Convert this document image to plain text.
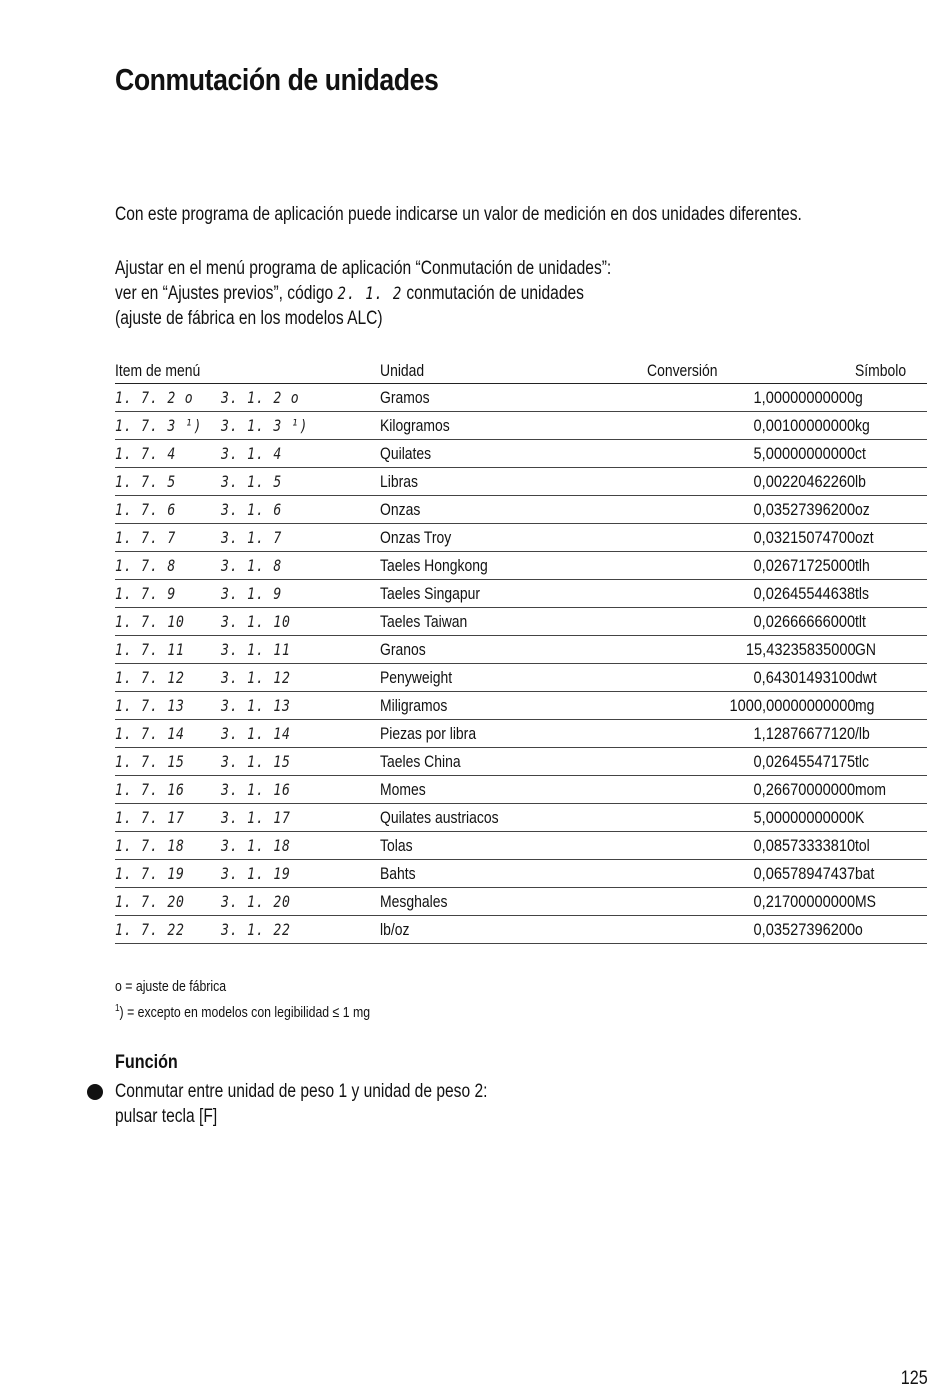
Conmutación de unidades
Con este programa de aplicación puede indicarse un valor de medición en dos unidades diferentes.
Ajustar en el menú programa de aplicación “Conmutación de unidades”:
ver en “Ajustes previos”, código 2. 1. 2 conmutación de unidades
(ajuste de fábrica en los modelos ALC)
Item de menú		Unidad	Conversión	Símbolo
1. 7. 2 o	3. 1. 2 o	Gramos	1,00000000000	g
1. 7. 3 ¹)	3. 1. 3 ¹)	Kilogramos	0,00100000000	kg
1. 7. 4	3. 1. 4	Quilates	5,00000000000	ct
1. 7. 5	3. 1. 5	Libras	0,00220462260	lb
1. 7. 6	3. 1. 6	Onzas	0,03527396200	oz
1. 7. 7	3. 1. 7	Onzas Troy	0,03215074700	ozt
1. 7. 8	3. 1. 8	Taeles Hongkong	0,02671725000	tlh
1. 7. 9	3. 1. 9	Taeles Singapur	0,02645544638	tls
1. 7. 10	3. 1. 10	Taeles Taiwan	0,02666666000	tlt
1. 7. 11	3. 1. 11	Granos	15,43235835000	GN
1. 7. 12	3. 1. 12	Penyweight	0,64301493100	dwt
1. 7. 13	3. 1. 13	Miligramos	1000,00000000000	mg
1. 7. 14	3. 1. 14	Piezas por libra	1,12876677120	/lb
1. 7. 15	3. 1. 15	Taeles China	0,02645547175	tlc
1. 7. 16	3. 1. 16	Momes	0,26670000000	mom
1. 7. 17	3. 1. 17	Quilates austriacos	5,00000000000	K
1. 7. 18	3. 1. 18	Tolas	0,08573333810	tol
1. 7. 19	3. 1. 19	Bahts	0,06578947437	bat
1. 7. 20	3. 1. 20	Mesghales	0,21700000000	MS
1. 7. 22	3. 1. 22	lb/oz	0,03527396200	o
o = ajuste de fábrica
$^1$) = excepto en modelos con legibilidad ≤ 1 mg
Función
Conmutar entre unidad de peso 1 y unidad de peso 2:
pulsar tecla [F]
125
